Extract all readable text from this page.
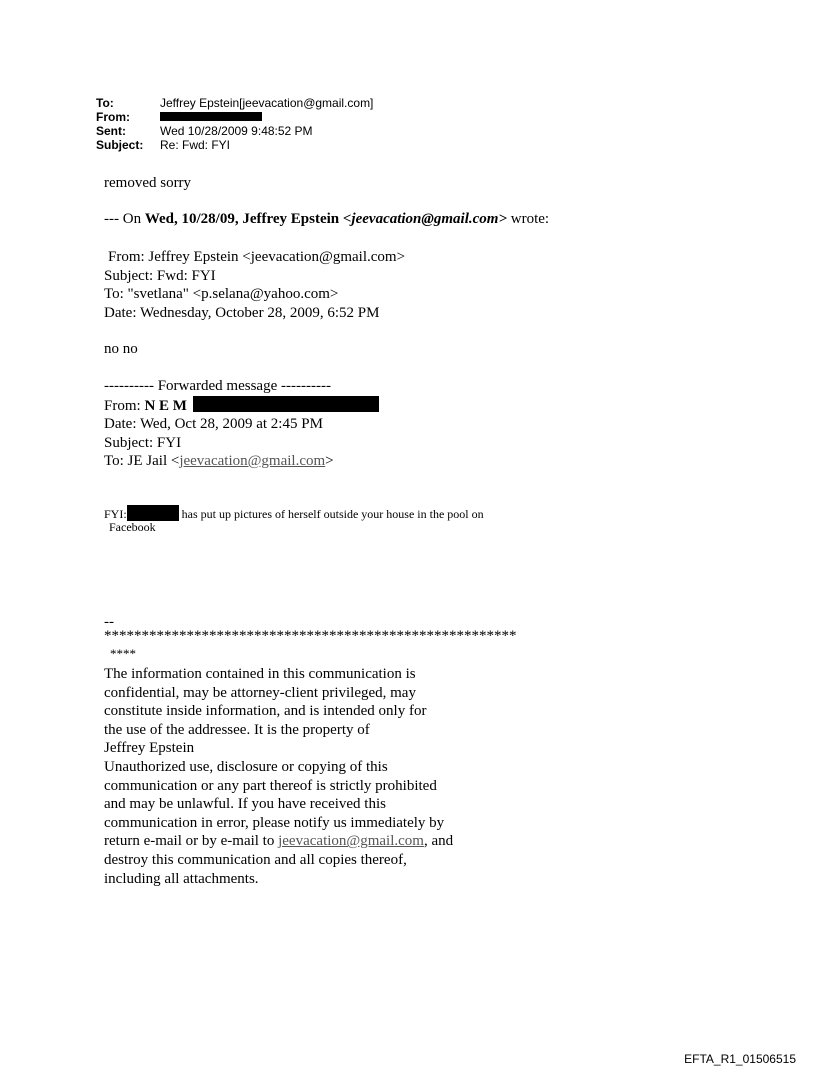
To:	Jeffrey Epstein[jeevacation@gmail.com]
From:
Sent:	Wed 10/28/2009 9:48:52 PM
Subject:	Re: Fwd: FYI
removed sorry
--- On Wed, 10/28/09, Jeffrey Epstein <jeevacation@gmail.com> wrote:
From: Jeffrey Epstein <jeevacation@gmail.com>
Subject: Fwd: FYI
To: "svetlana" <p.selana@yahoo.com>
Date: Wednesday, October 28, 2009, 6:52 PM
no no
---------- Forwarded message ----------
From: N E M
Date: Wed, Oct 28, 2009 at 2:45 PM
Subject: FYI
To: JE Jail <jeevacation@gmail.com>
FYI:	has put up pictures of herself outside your house in the pool on
Facebook
--
*******************************************************
****
The information contained in this communication is
confidential, may be attorney-client privileged, may
constitute inside information, and is intended only for
the use of the addressee. It is the property of
Jeffrey Epstein
Unauthorized use, disclosure or copying of this
communication or any part thereof is strictly prohibited
and may be unlawful. If you have received this
communication in error, please notify us immediately by
return e-mail or by e-mail to jeevacation@gmail.com, and
destroy this communication and all copies thereof,
including all attachments.
EFTA_R1_01506515
